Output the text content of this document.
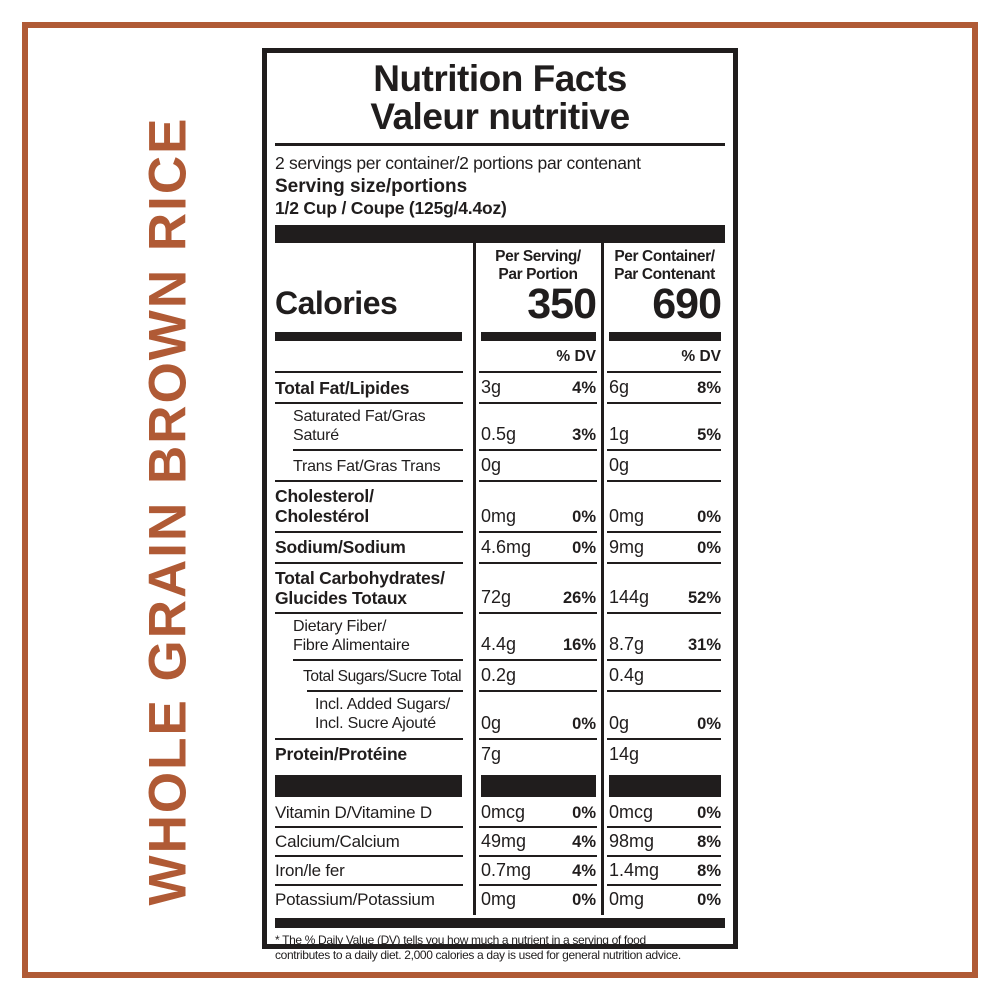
WHOLE GRAIN BROWN RICE
Nutrition Facts
Valeur nutritive
2 servings per container/2 portions par contenant
Serving size/portions
1/2 Cup / Coupe (125g/4.4oz)
Calories
Per Serving/
Par Portion
350
Per Container/
Par Contenant
690
% DV	% DV
Total Fat/Lipides	3g	4% 6g	8%
Saturated Fat/Gras Saturé	0.5g	3% 1g	5%
Trans Fat/Gras Trans	0g	0g
Cholesterol/
Cholestérol	0mg	0% 0mg	0%
Sodium/Sodium	4.6mg 0% 9mg	0%
Total Carbohydrates/
Glucides Totaux	72g	26% 144g 52%
Dietary Fiber/
Fibre Alimentaire	4.4g	16% 8.7g	31%
Total Sugars/Sucre Total	0.2g	0.4g
Incl. Added Sugars/
Incl. Sucre Ajouté	0g	0% 0g	0%
Protein/Protéine	7g	14g
Vitamin D/Vitamine D	0mcg	0% 0mcg	0%
Calcium/Calcium	49mg	4% 98mg	8%
Iron/le fer	0.7mg 4% 1.4mg 8%
Potassium/Potassium	0mg	0% 0mg	0%
* The % Daily Value (DV) tells you how much a nutrient in a serving of food
contributes to a daily diet. 2,000 calories a day is used for general nutrition advice.
